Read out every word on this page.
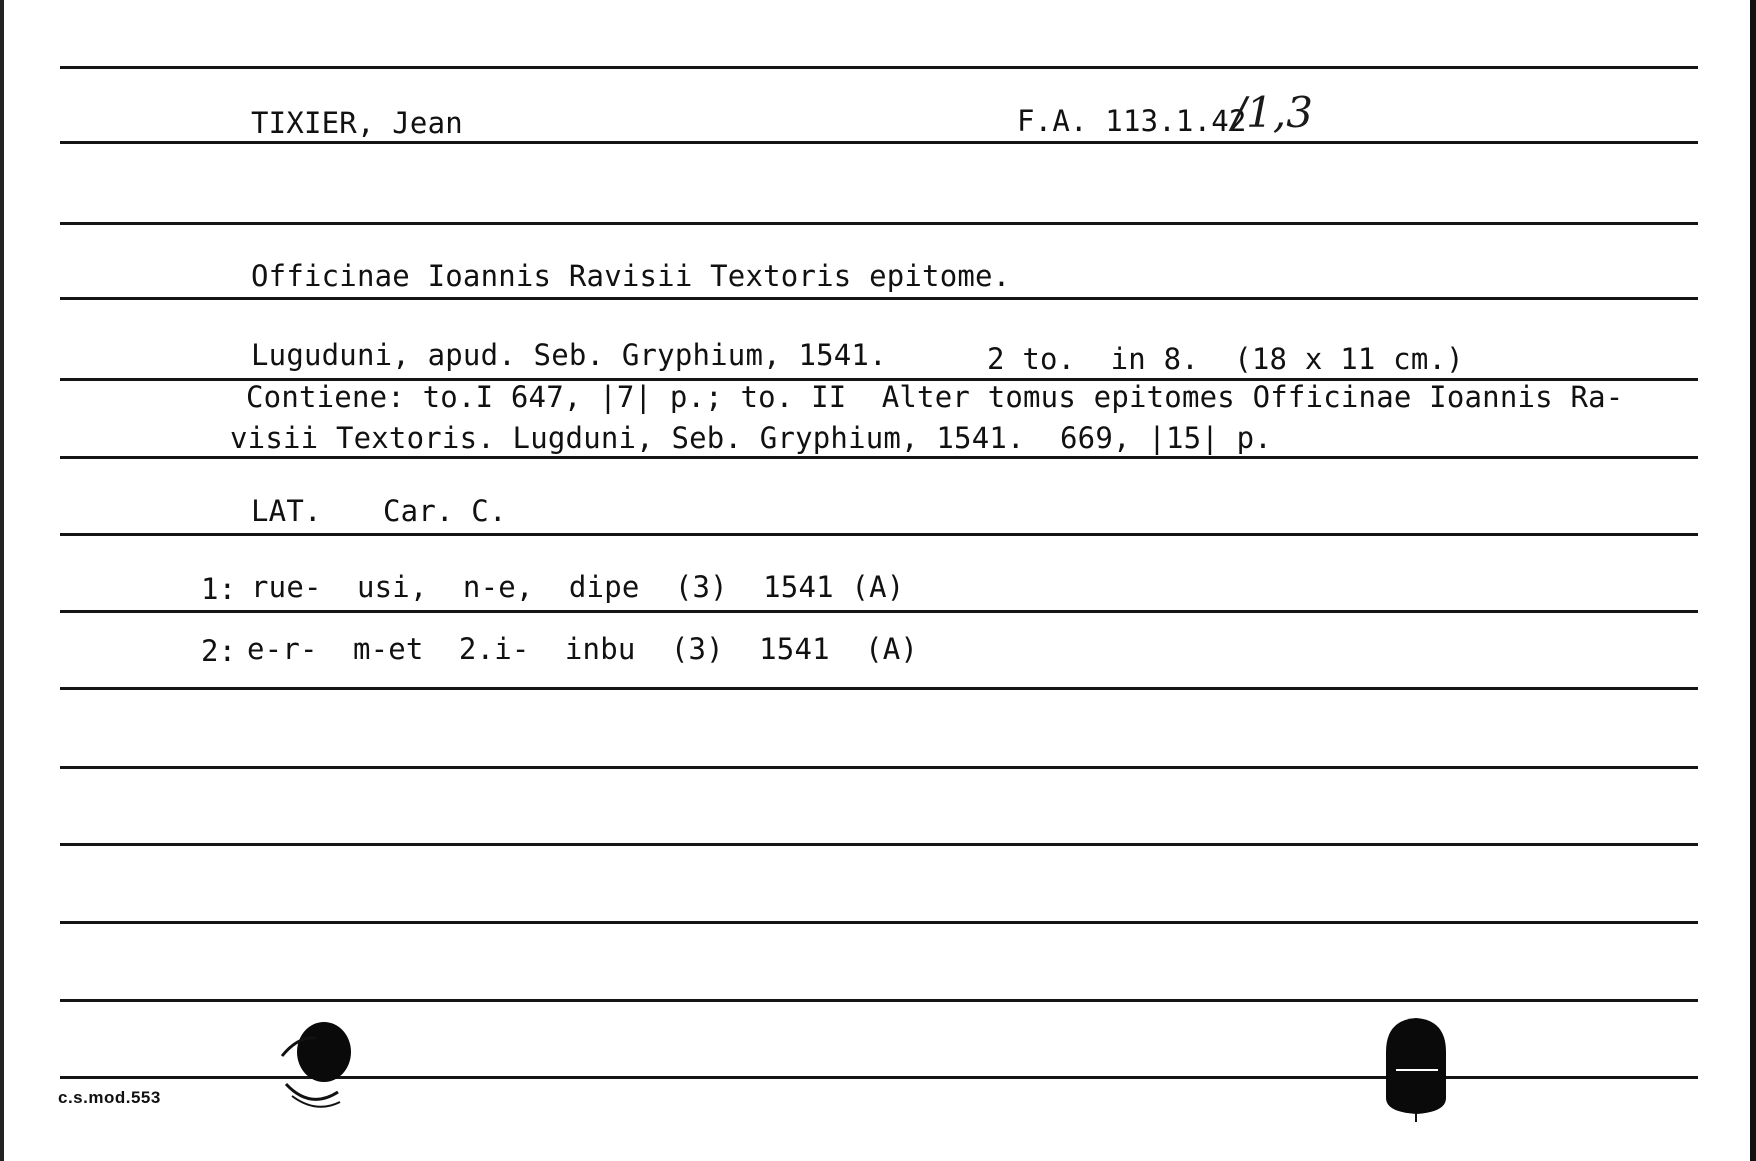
TIXIER, Jean	F.A. 113.1.42
/1,3
Officinae Ioannis Ravisii Textoris epitome.
Luguduni, apud. Seb. Gryphium, 1541.	2 to.  in 8.  (18 x 11 cm.)
Contiene: to.I 647, |7| p.; to. II  Alter tomus epitomes Officinae Ioannis Ra-
visii Textoris. Lugduni, Seb. Gryphium, 1541.  669, |15| p.
LAT. Car. C.
1: rue-  usi,  n-e,  dipe  (3)  1541 (A)
2: e-r-  m-et  2.i-  inbu  (3)  1541  (A)
c.s.mod.553
